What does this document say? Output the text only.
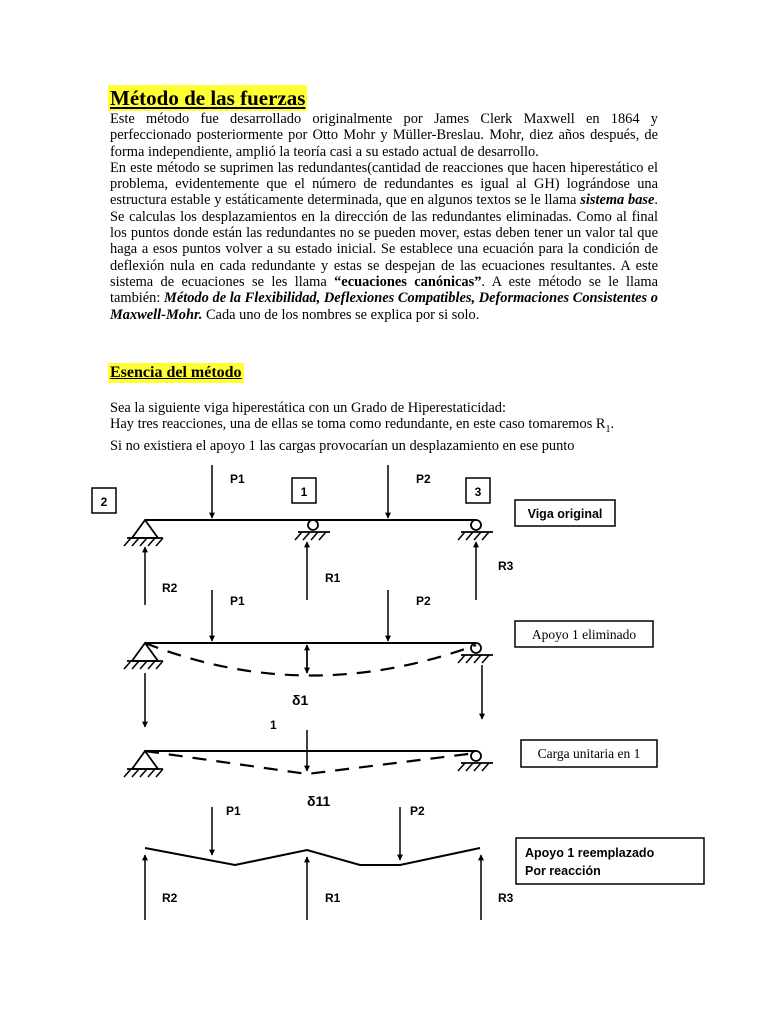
Método de las fuerzas

Este método fue desarrollado originalmente por James Clerk Maxwell en 1864 y perfeccionado posteriormente por Otto Mohr y Müller-Breslau. Mohr, diez años después, de forma independiente, amplió la teoría casi a su estado actual de desarrollo.

En este método se suprimen las redundantes(cantidad de reacciones que hacen hiperestático el problema, evidentemente que el número de redundantes es igual al GH) lográndose una estructura estable y estáticamente determinada, que en algunos textos se le llama sistema base. Se calculas los desplazamientos en la dirección de las redundantes eliminadas. Como al final los puntos donde están las redundantes no se pueden mover, estas deben tener un valor tal que haga a esos puntos volver a su estado inicial. Se establece una ecuación para la condición de deflexión nula en cada redundante y estas se despejan de las ecuaciones resultantes. A este sistema de ecuaciones se les llama “ecuaciones canónicas”. A este método se le llama también: Método de la Flexibilidad, Deflexiones Compatibles, Deformaciones Consistentes o Maxwell-Mohr. Cada uno de los nombres se explica por si solo.

Esencia del método

Sea la siguiente viga hiperestática con un Grado de Hiperestaticidad:

Hay tres reacciones, una de ellas se toma como redundante, en este caso tomaremos $R_1$.

Si no existiera el apoyo 1 las cargas provocarían un desplazamiento en ese punto

2
1	3
P1	P2
R2
R1
R3
Viga original
P1	P2
δ1
Apoyo 1 eliminado
1
δ11
Carga unitaria en 1
P1	P2
R2	R1	R3
Apoyo 1 reemplazado
Por reacción
